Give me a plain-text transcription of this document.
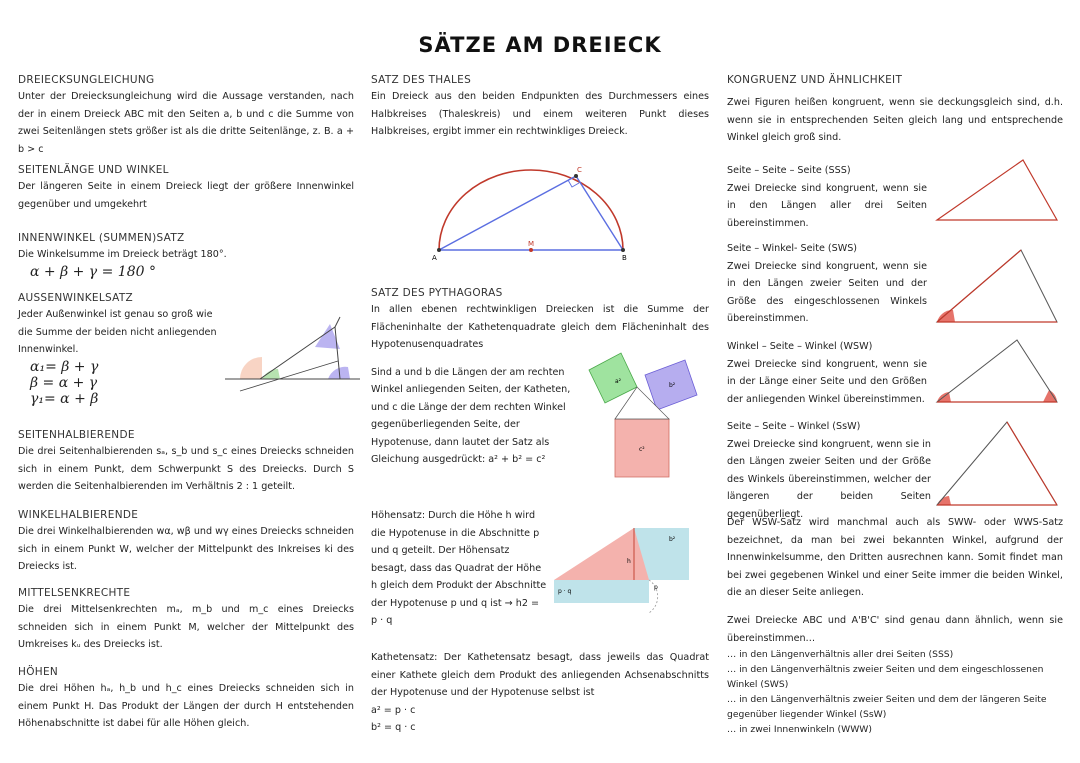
SÄTZE AM DREIECK
DREIECKSUNGLEICHUNG

Unter der Dreiecksungleichung wird die Aussage verstanden, nach der in einem Dreieck ABC mit den Seiten a, b und c die Summe von zwei Seitenlängen stets größer ist als die dritte Seitenlänge, z. B. a + b > c

SEITENLÄNGE UND WINKEL

Der längeren Seite in einem Dreieck liegt der größere Innenwinkel gegenüber und umgekehrt

INNENWINKEL (SUMMEN)SATZ

Die Winkelsumme im Dreieck beträgt 180°.

α + β + γ = 180 °
AUSSENWINKELSATZ

Jeder Außenwinkel ist genau so groß wie die Summe der beiden nicht anliegenden Innenwinkel.

α₁= β + γ
β = α + γ
γ₁= α + β
SEITENHALBIERENDE

Die drei Seitenhalbierenden sₐ, s_b und s_c eines Dreiecks schneiden sich in einem Punkt, dem Schwerpunkt S des Dreiecks. Durch S werden die Seitenhalbierenden im Verhältnis 2 : 1 geteilt.

WINKELHALBIERENDE

Die drei Winkelhalbierenden wα, wβ und wγ eines Dreiecks schneiden sich in einem Punkt W, welcher der Mittelpunkt des Inkreises ki des Dreiecks ist.

MITTELSENKRECHTE

Die drei Mittelsenkrechten mₐ, m_b und m_c eines Dreiecks schneiden sich in einem Punkt M, welcher der Mittelpunkt des Umkreises kᵤ des Dreiecks ist.

HÖHEN

Die drei Höhen hₐ, h_b und h_c eines Dreiecks schneiden sich in einem Punkt H. Das Produkt der Längen der durch H entstehenden Höhenabschnitte ist dabei für alle Höhen gleich.

SATZ DES THALES

Ein Dreieck aus den beiden Endpunkten des Durchmessers eines Halbkreises (Thaleskreis) und einem weiteren Punkt dieses Halbkreises, ergibt immer ein rechtwinkliges Dreieck.

A	B
C
M
SATZ DES PYTHAGORAS

In allen ebenen rechtwinkligen Dreiecken ist die Summe der Flächeninhalte der Kathetenquadrate gleich dem Flächeninhalt des Hypotenusenquadrates

Sind a und b die Längen der am rechten Winkel anliegenden Seiten, der Katheten, und c die Länge der dem rechten Winkel gegenüberliegenden Seite, der Hypotenuse, dann lautet der Satz als Gleichung ausgedrückt: a² + b² = c²

a²
b²
c²

Höhensatz: Durch die Höhe h wird die Hypotenuse in die Abschnitte p und q geteilt. Der Höhensatz besagt, dass das Quadrat der Höhe h gleich dem Produkt der Abschnitte der Hypotenuse p und q ist → h2 = p · q

h
b²
p · q
p

Kathetensatz: Der Kathetensatz besagt, dass jeweils das Quadrat einer Kathete gleich dem Produkt des anliegenden Achsenabschnitts der Hypotenuse und der Hypotenuse selbst ist

a² = p · c

b² = q · c

KONGRUENZ UND ÄHNLICHKEIT

Zwei Figuren heißen kongruent, wenn sie deckungsgleich sind, d.h. wenn sie in entsprechenden Seiten gleich lang und entsprechende Winkel gleich groß sind.

Seite – Seite – Seite (SSS)

Zwei Dreiecke sind kongruent, wenn sie in den Längen aller drei Seiten übereinstimmen.

Seite – Winkel- Seite (SWS)

Zwei Dreiecke sind kongruent, wenn sie in den Längen zweier Seiten und der Größe des eingeschlossenen Winkels übereinstimmen.

Winkel – Seite – Winkel (WSW)

Zwei Dreiecke sind kongruent, wenn sie in der Länge einer Seite und den Größen der anliegenden Winkel übereinstimmen.

Seite – Seite – Winkel (SsW)

Zwei Dreiecke sind kongruent, wenn sie in den Längen zweier Seiten und der Größe des Winkels übereinstimmen, welcher der längeren der beiden Seiten gegenüberliegt.

Der WSW-Satz wird manchmal auch als SWW- oder WWS-Satz bezeichnet, da man bei zwei bekannten Winkel, aufgrund der Innenwinkelsumme, den Dritten ausrechnen kann. Somit findet man bei zwei gegebenen Winkel und einer Seite immer die beiden Winkel, die an dieser Seite anliegen.

Zwei Dreiecke ABC und A'B'C' sind genau dann ähnlich, wenn sie übereinstimmen…

… in den Längenverhältnis aller drei Seiten (SSS)

… in den Längenverhältnis zweier Seiten und dem eingeschlossenen Winkel (SWS)

… in den Längenverhältnis zweier Seiten und dem der längeren Seite gegenüber liegender Winkel (SsW)

… in zwei Innenwinkeln (WWW)
